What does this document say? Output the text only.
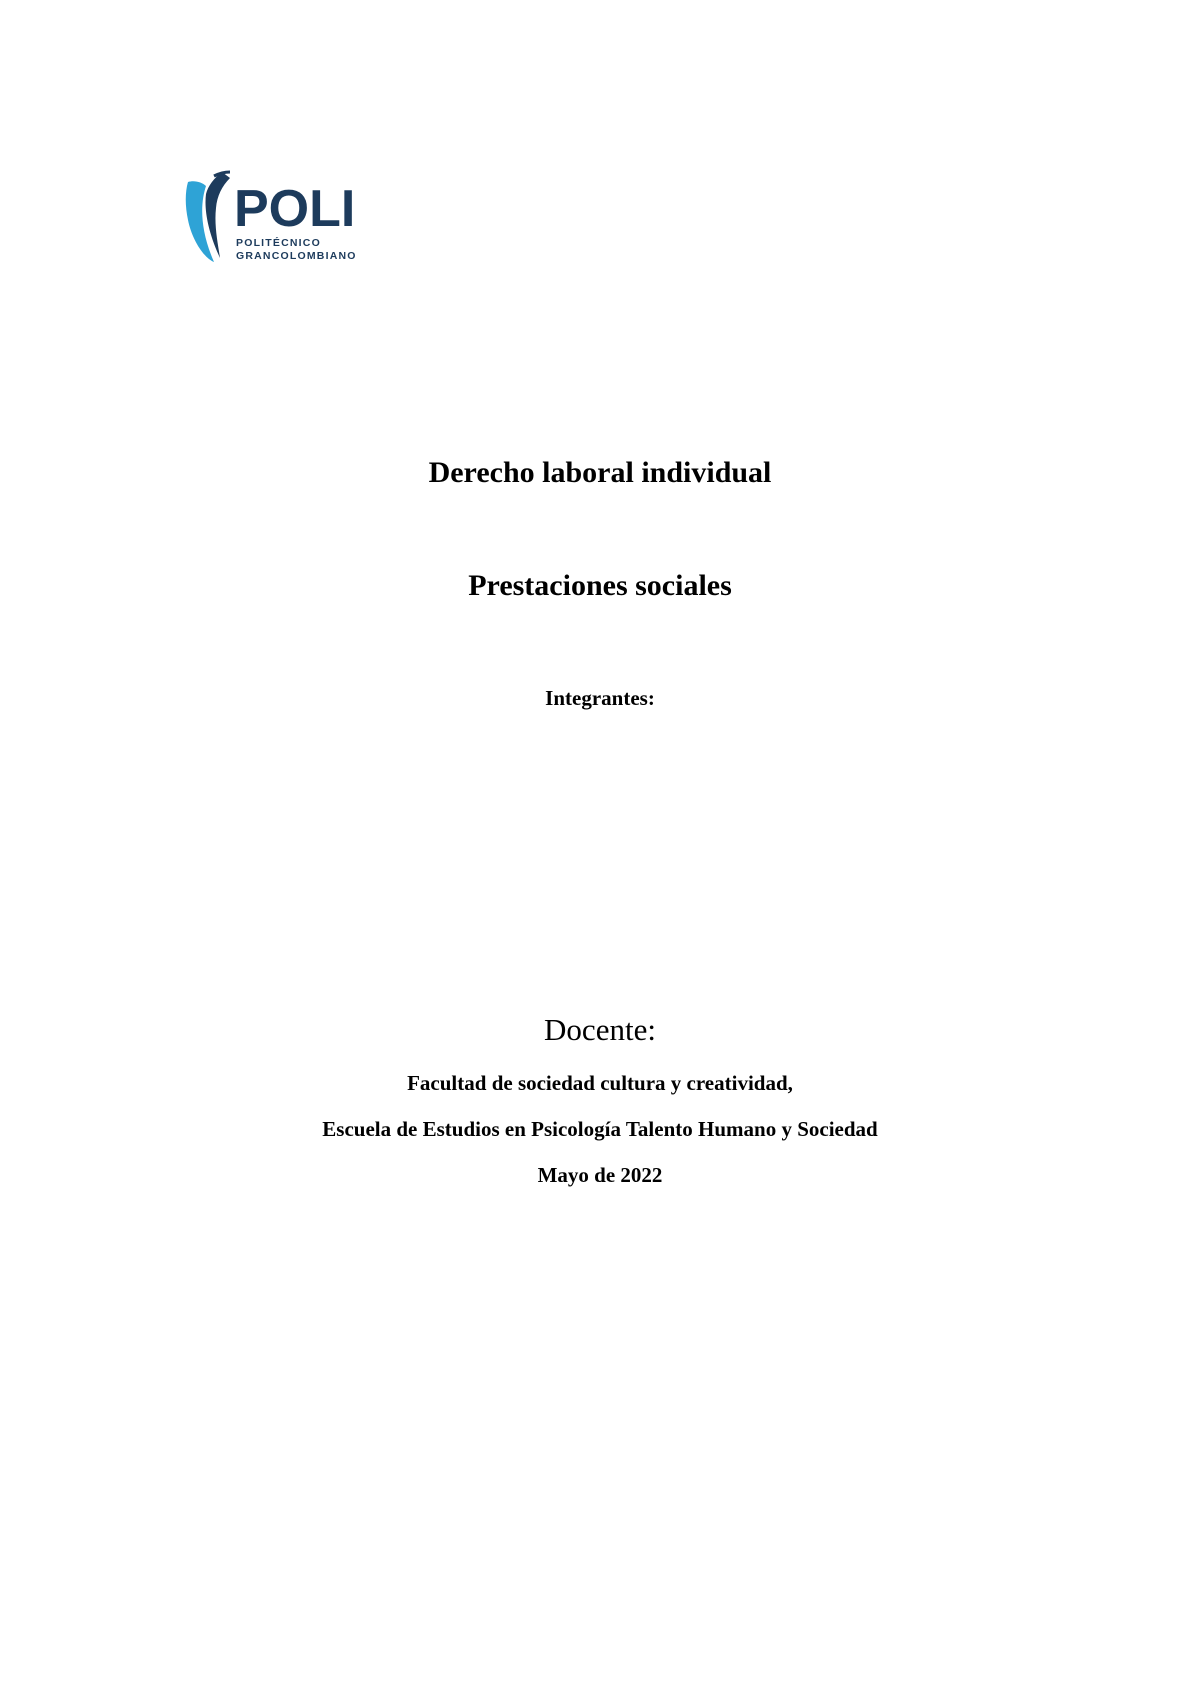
POLI
POLITÉCNICO
GRANCOLOMBIANO
Derecho laboral individual
Prestaciones sociales
Integrantes:
Docente:
Facultad de sociedad cultura y creatividad,
Escuela de Estudios en Psicología Talento Humano y Sociedad
Mayo de 2022
